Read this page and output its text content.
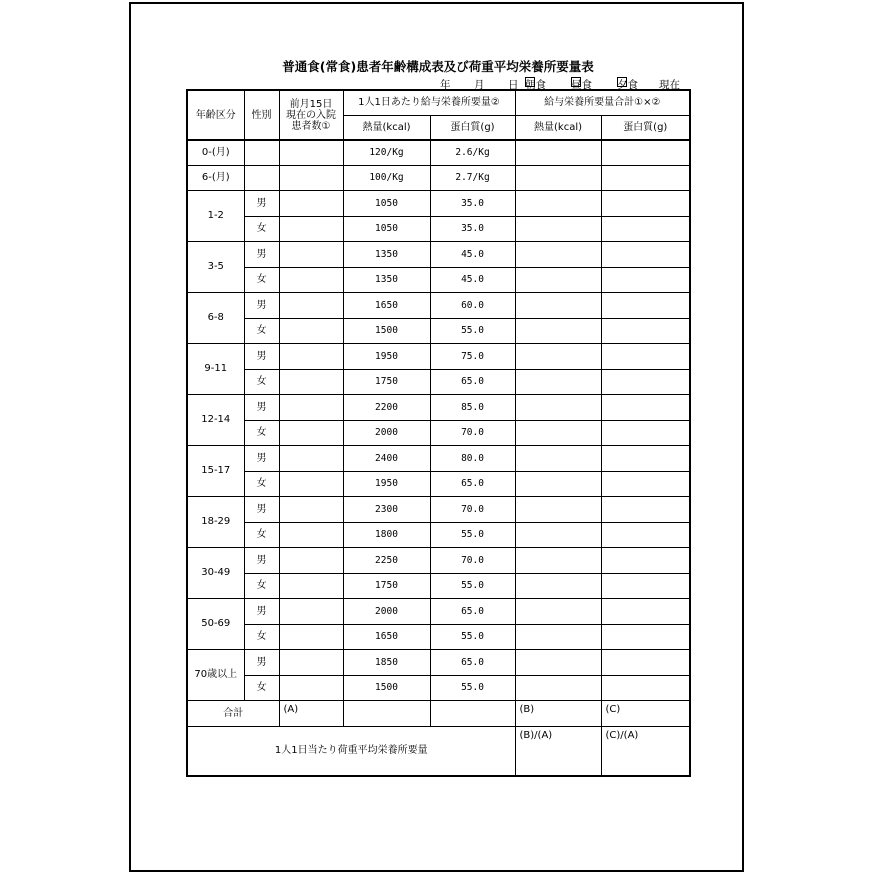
普通食(常食)患者年齢構成表及び荷重平均栄養所要量表
年 月 日 朝食 昼食 夕食 現在
年齢区分	性別	前月15日
現在の入院
患者数①	1人1日あたり給与栄養所要量②		給与栄養所要量合計①×②	
			熱量(kcal)	蛋白質(g)	熱量(kcal)	蛋白質(g)
0-(月)			120/Kg	2.6/Kg		
6-(月)			100/Kg	2.7/Kg		
1-2	男		1050	35.0		
	女		1050	35.0		
3-5	男		1350	45.0		
	女		1350	45.0		
6-8	男		1650	60.0		
	女		1500	55.0		
9-11	男		1950	75.0		
	女		1750	65.0		
12-14	男		2200	85.0		
	女		2000	70.0		
15-17	男		2400	80.0		
	女		1950	65.0		
18-29	男		2300	70.0		
	女		1800	55.0		
30-49	男		2250	70.0		
	女		1750	55.0		
50-69	男		2000	65.0		
	女		1650	55.0		
70歳以上	男		1850	65.0		
	女		1500	55.0		
合計		(A)			(B)	(C)
1人1日当たり荷重平均栄養所要量					(B)/(A)	(C)/(A)
